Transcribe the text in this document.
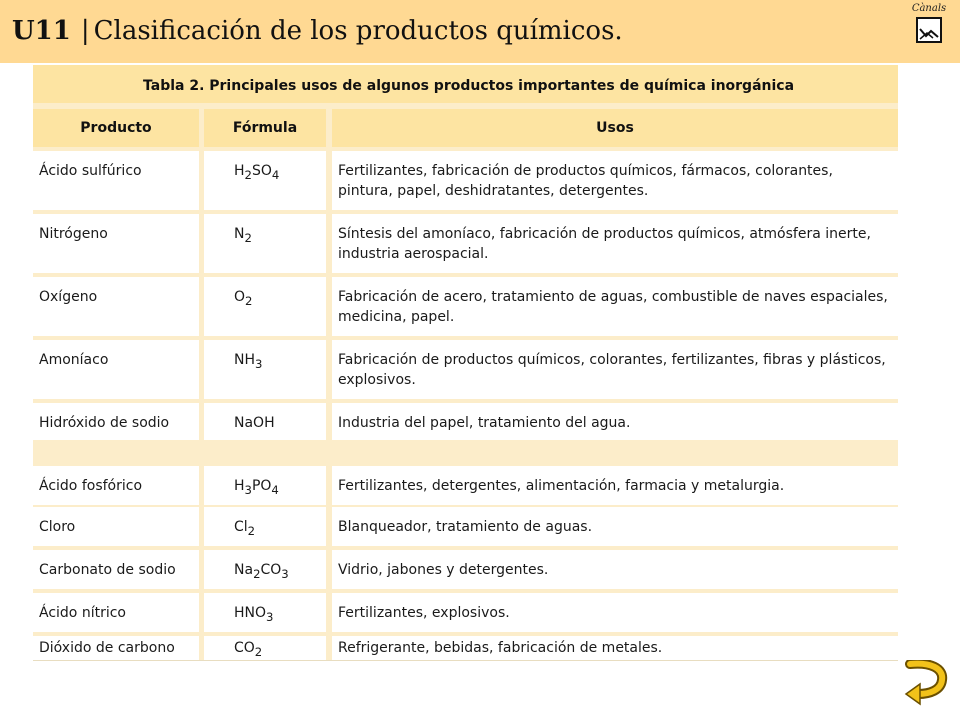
U11 | Clasificación de los productos químicos.
Cànals
Tabla 2. Principales usos de algunos productos importantes de química inorgánica
Producto	Fórmula	Usos
Ácido sulfúrico	$H_2SO_4$	Fertilizantes, fabricación de productos químicos, fármacos, colorantes, pintura, papel, deshidratantes, detergentes.
Nitrógeno	$N_2$	Síntesis del amoníaco, fabricación de productos químicos, atmósfera inerte, industria aerospacial.
Oxígeno	$O_2$	Fabricación de acero, tratamiento de aguas, combustible de naves espaciales, medicina, papel.
Amoníaco	$NH_3$	Fabricación de productos químicos, colorantes, fertilizantes, fibras y plásticos, explosivos.
Hidróxido de sodio	NaOH	Industria del papel, tratamiento del agua.
Ácido fosfórico	$H_3PO_4$	Fertilizantes, detergentes, alimentación, farmacia y metalurgia.
Cloro	$Cl_2$	Blanqueador, tratamiento de aguas.
Carbonato de sodio	$Na_2CO_3$	Vidrio, jabones y detergentes.
Ácido nítrico	$HNO_3$	Fertilizantes, explosivos.
Dióxido de carbono	$CO_2$	Refrigerante, bebidas, fabricación de metales.
